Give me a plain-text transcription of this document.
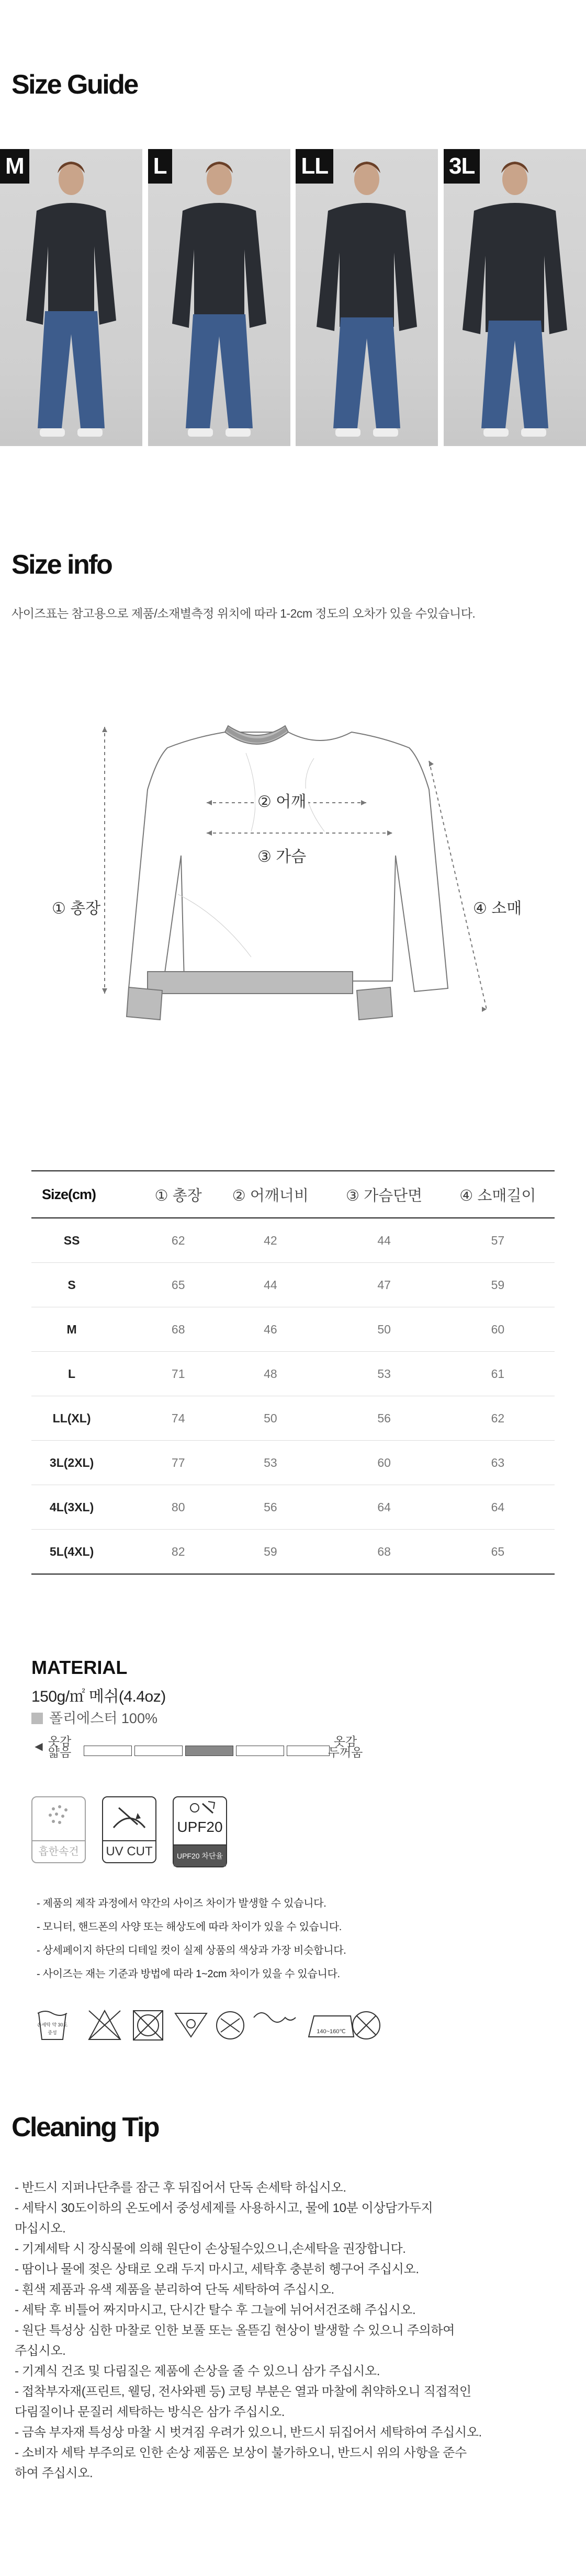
Size Guide
M	L	LL	3L
Size info
사이즈표는 참고용으로 제품/소재별측정 위치에 따라 1-2cm 정도의 오차가 있을 수있습니다.
② 어깨
③ 가슴
① 총장	④ 소매
Size(cm)	① 총장	② 어깨너비	③ 가슴단면	④ 소매길이
SS	62	42	44	57
S	65	44	47	59
M	68	46	50	60
L	71	48	53	61
LL(XL)	74	50	56	62
3L(2XL)	77	53	60	63
4L(3XL)	80	56	64	64
5L(4XL)	82	59	68	65
MATERIAL
150g/㎡ 메쉬(4.4oz)
폴리에스터 100%
◀ 옷감
얇음
옷감
두꺼움
흡한속건	UV CUT
UPF20
UPF20 차단율 90%
- 제품의 제작 과정에서 약간의 사이즈 차이가 발생할 수 있습니다.
- 모니터, 핸드폰의 사양 또는 해상도에 따라 차이가 있을 수 있습니다.
- 상세페이지 하단의 디테일 컷이 실제 상품의 색상과 가장 비슷합니다.
- 사이즈는 재는 기준과 방법에 따라 1~2cm 차이가 있을 수 있습니다.
손세탁 약 30도
중성	140~160℃
Cleaning Tip
- 반드시 지퍼나단추를 잠근 후 뒤집어서 단독 손세탁 하십시오.
- 세탁시 30도이하의 온도에서 중성세제를 사용하시고, 물에 10분 이상담가두지
마십시오.
- 기계세탁 시 장식물에 의해 원단이 손상될수있으니,손세탁을 권장합니다.
- 땀이나 물에 젖은 상태로 오래 두지 마시고, 세탁후 충분히 헹구어 주십시오.
- 흰색 제품과 유색 제품을 분리하여 단독 세탁하여 주십시오.
- 세탁 후 비틀어 짜지마시고, 단시간 탈수 후 그늘에 뉘어서건조해 주십시오.
- 원단 특성상 심한 마찰로 인한 보풀 또는 올뜯김 현상이 발생할 수 있으니 주의하여
주십시오.
- 기계식 건조 및 다림질은 제품에 손상을 줄 수 있으니 삼가 주십시오.
- 접착부자재(프린트, 웰딩, 전사와펜 등) 코팅 부분은 열과 마찰에 취약하오니 직접적인
다림질이나 문질러 세탁하는 방식은 삼가 주십시오.
- 금속 부자재 특성상 마찰 시 벗겨짐 우려가 있으니, 반드시 뒤집어서 세탁하여 주십시오.
- 소비자 세탁 부주의로 인한 손상 제품은 보상이 불가하오니, 반드시 위의 사항을 준수
하여 주십시오.
